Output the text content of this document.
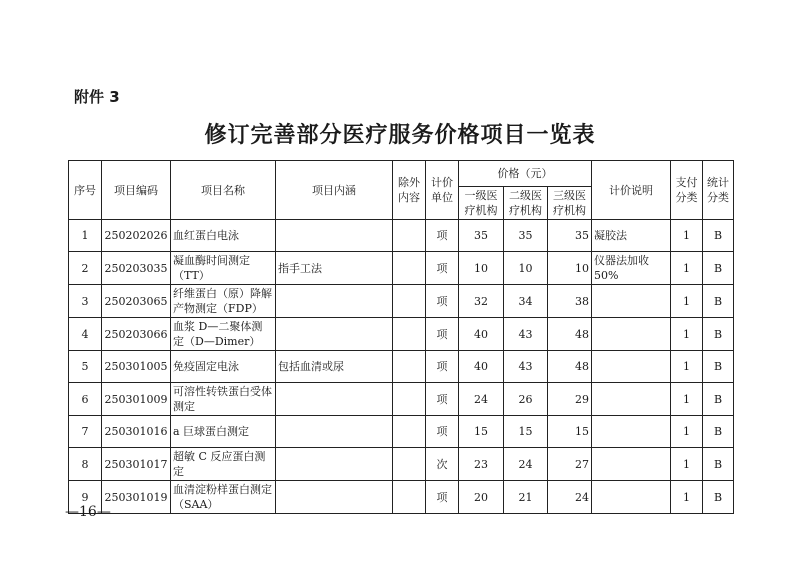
附件 3
修订完善部分医疗服务价格项目一览表
序号	项目编码	项目名称	项目内涵	除外内容	计价单位	价格（元）			计价说明	支付分类	统计分类
						一级医疗机构	二级医疗机构	三级医疗机构			
1	250202026	血红蛋白电泳			项	35	35	35	凝胶法	1	B
2	250203035	凝血酶时间测定（TT）	指手工法		项	10	10	10	仪器法加收50%	1	B
3	250203065	纤维蛋白（原）降解产物测定（FDP）			项	32	34	38		1	B
4	250203066	血浆 D—二聚体测定（D—Dimer）			项	40	43	48		1	B
5	250301005	免疫固定电泳	包括血清或尿		项	40	43	48		1	B
6	250301009	可溶性转铁蛋白受体测定			项	24	26	29		1	B
7	250301016	a 巨球蛋白测定			项	15	15	15		1	B
8	250301017	超敏 C 反应蛋白测定			次	23	24	27		1	B
9	250301019	血清淀粉样蛋白测定（SAA）			项	20	21	24		1	B
—16—
